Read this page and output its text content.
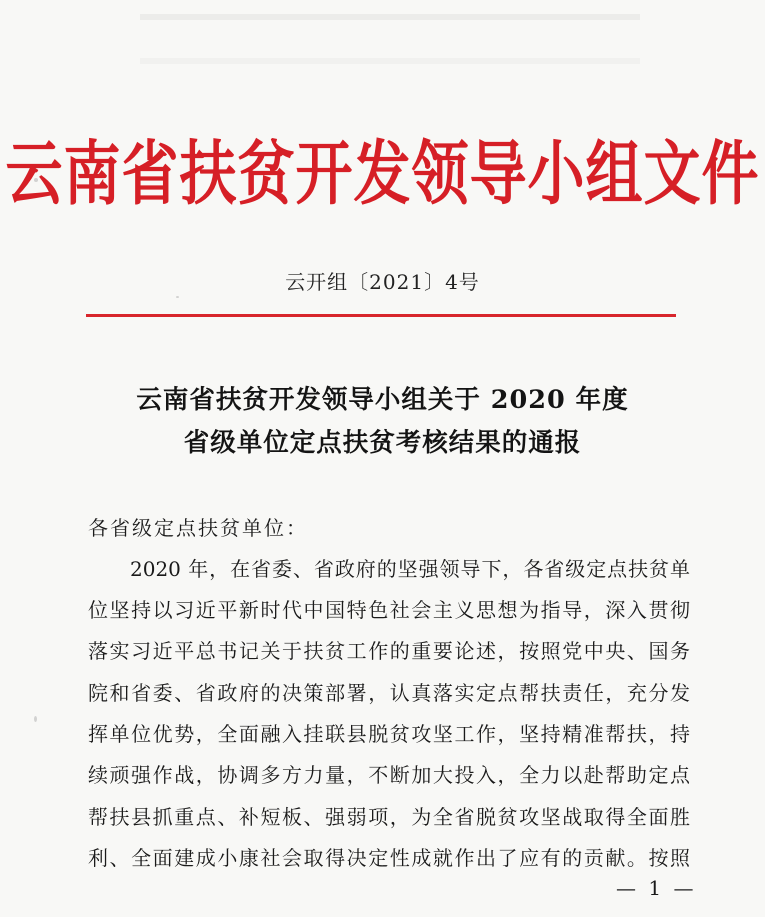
云南省扶贫开发领导小组文件
云开组〔2021〕4号
云南省扶贫开发领导小组关于 2020 年度
省级单位定点扶贫考核结果的通报
各省级定点扶贫单位：
2020 年，在省委、省政府的坚强领导下，各省级定点扶贫单
位坚持以习近平新时代中国特色社会主义思想为指导，深入贯彻
落实习近平总书记关于扶贫工作的重要论述，按照党中央、国务
院和省委、省政府的决策部署，认真落实定点帮扶责任，充分发
挥单位优势，全面融入挂联县脱贫攻坚工作，坚持精准帮扶，持
续顽强作战，协调多方力量，不断加大投入，全力以赴帮助定点
帮扶县抓重点、补短板、强弱项，为全省脱贫攻坚战取得全面胜
利、全面建成小康社会取得决定性成就作出了应有的贡献。按照
— 1 —
